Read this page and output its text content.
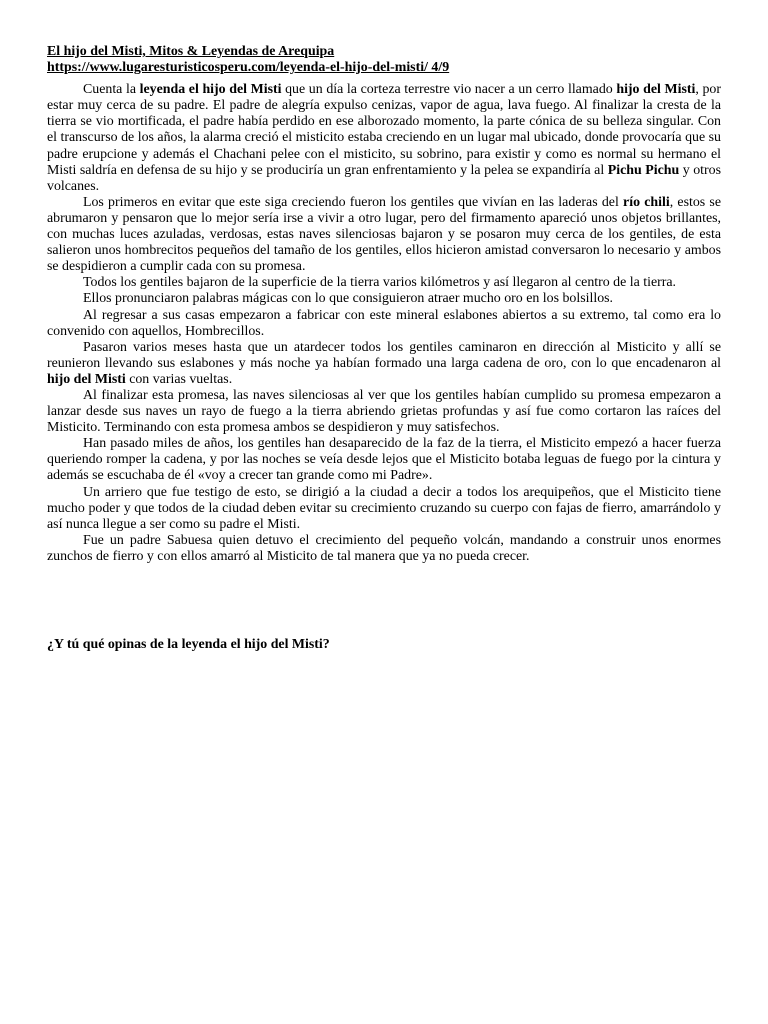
El hijo del Misti, Mitos & Leyendas de Arequipa
https://www.lugaresturisticosperu.com/leyenda-el-hijo-del-misti/ 4/9

Cuenta la leyenda el hijo del Misti que un día la corteza terrestre vio nacer a un cerro llamado hijo del Misti, por estar muy cerca de su padre. El padre de alegría expulso cenizas, vapor de agua, lava fuego. Al finalizar la cresta de la tierra se vio mortificada, el padre había perdido en ese alborozado momento, la parte cónica de su belleza singular. Con el transcurso de los años, la alarma creció el misticito estaba creciendo en un lugar mal ubicado, donde provocaría que su padre erupcione y además el Chachani pelee con el misticito, su sobrino, para existir y como es normal su hermano el Misti saldría en defensa de su hijo y se produciría un gran enfrentamiento y la pelea se expandiría al Pichu Pichu y otros volcanes.

Los primeros en evitar que este siga creciendo fueron los gentiles que vivían en las laderas del río chili, estos se abrumaron y pensaron que lo mejor sería irse a vivir a otro lugar, pero del firmamento apareció unos objetos brillantes, con muchas luces azuladas, verdosas, estas naves silenciosas bajaron y se posaron muy cerca de los gentiles, de esta salieron unos hombrecitos pequeños del tamaño de los gentiles, ellos hicieron amistad conversaron lo necesario y ambos se despidieron a cumplir cada con su promesa.

Todos los gentiles bajaron de la superficie de la tierra varios kilómetros y así llegaron al centro de la tierra.

Ellos pronunciaron palabras mágicas con lo que consiguieron atraer mucho oro en los bolsillos.

Al regresar a sus casas empezaron a fabricar con este mineral eslabones abiertos a su extremo, tal como era lo convenido con aquellos, Hombrecillos.

Pasaron varios meses hasta que un atardecer todos los gentiles caminaron en dirección al Misticito y allí se reunieron llevando sus eslabones y más noche ya habían formado una larga cadena de oro, con lo que encadenaron al hijo del Misti con varias vueltas.

Al finalizar esta promesa, las naves silenciosas al ver que los gentiles habían cumplido su promesa empezaron a lanzar desde sus naves un rayo de fuego a la tierra abriendo grietas profundas y así fue como cortaron las raíces del Misticito. Terminando con esta promesa ambos se despidieron y muy satisfechos.

Han pasado miles de años, los gentiles han desaparecido de la faz de la tierra, el Misticito empezó a hacer fuerza queriendo romper la cadena, y por las noches se veía desde lejos que el Misticito botaba leguas de fuego por la cintura y además se escuchaba de él «voy a crecer tan grande como mi Padre».

Un arriero que fue testigo de esto, se dirigió a la ciudad a decir a todos los arequipeños, que el Misticito tiene mucho poder y que todos de la ciudad deben evitar su crecimiento cruzando su cuerpo con fajas de fierro, amarrándolo y así nunca llegue a ser como su padre el Misti.

Fue un padre Sabuesa quien detuvo el crecimiento del pequeño volcán, mandando a construir unos enormes zunchos de fierro y con ellos amarró al Misticito de tal manera que ya no pueda crecer.

¿Y tú qué opinas de la leyenda el hijo del Misti?
